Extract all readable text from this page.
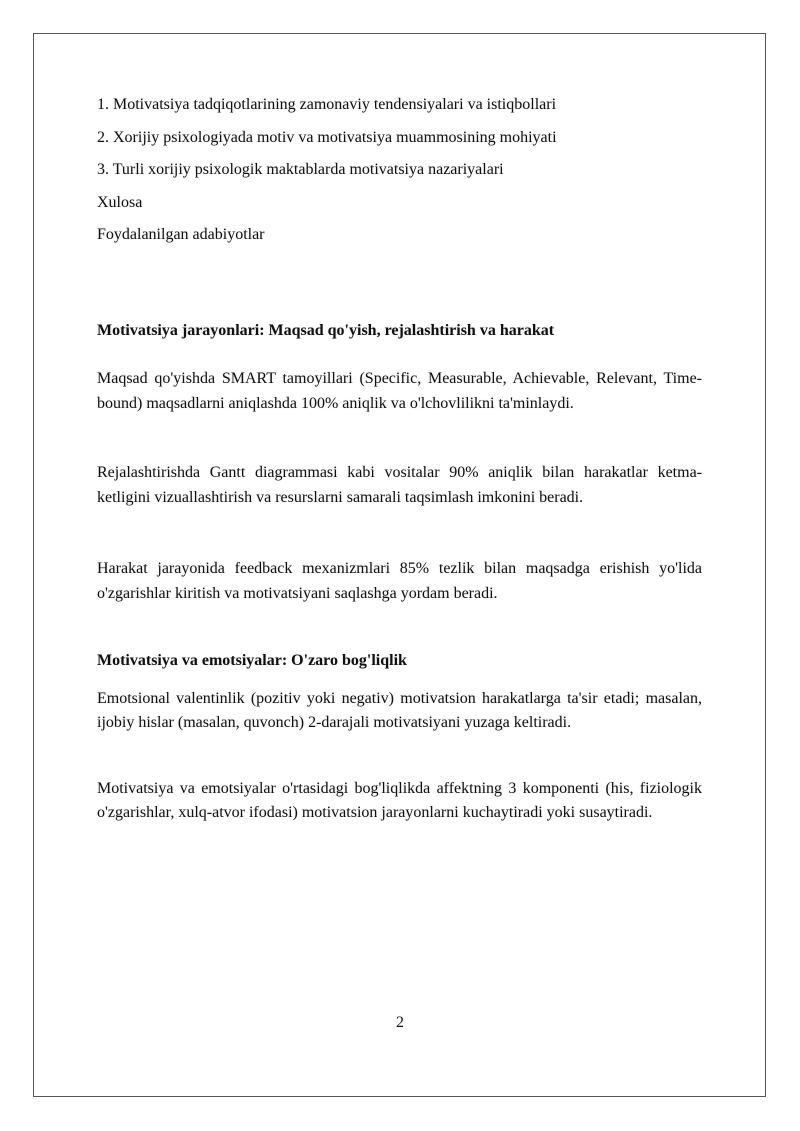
1. Motivatsiya tadqiqotlarining zamonaviy tendensiyalari va istiqbollari

2. Xorijiy psixologiyada motiv va motivatsiya muammosining mohiyati

3. Turli xorijiy psixologik maktablarda motivatsiya nazariyalari

Xulosa

Foydalanilgan adabiyotlar

Motivatsiya jarayonlari: Maqsad qo'yish, rejalashtirish va harakat

Maqsad qo'yishda SMART tamoyillari (Specific, Measurable, Achievable, Relevant, Time-bound) maqsadlarni aniqlashda 100% aniqlik va o'lchovlilikni ta'minlaydi.

Rejalashtirishda Gantt diagrammasi kabi vositalar 90% aniqlik bilan harakatlar ketma-ketligini vizuallashtirish va resurslarni samarali taqsimlash imkonini beradi.

Harakat jarayonida feedback mexanizmlari 85% tezlik bilan maqsadga erishish yo'lida o'zgarishlar kiritish va motivatsiyani saqlashga yordam beradi.

Motivatsiya va emotsiyalar: O'zaro bog'liqlik

Emotsional valentinlik (pozitiv yoki negativ) motivatsion harakatlarga ta'sir etadi; masalan, ijobiy hislar (masalan, quvonch) 2-darajali motivatsiyani yuzaga keltiradi.

Motivatsiya va emotsiyalar o'rtasidagi bog'liqlikda affektning 3 komponenti (his, fiziologik o'zgarishlar, xulq-atvor ifodasi) motivatsion jarayonlarni kuchaytiradi yoki susaytiradi.

2
